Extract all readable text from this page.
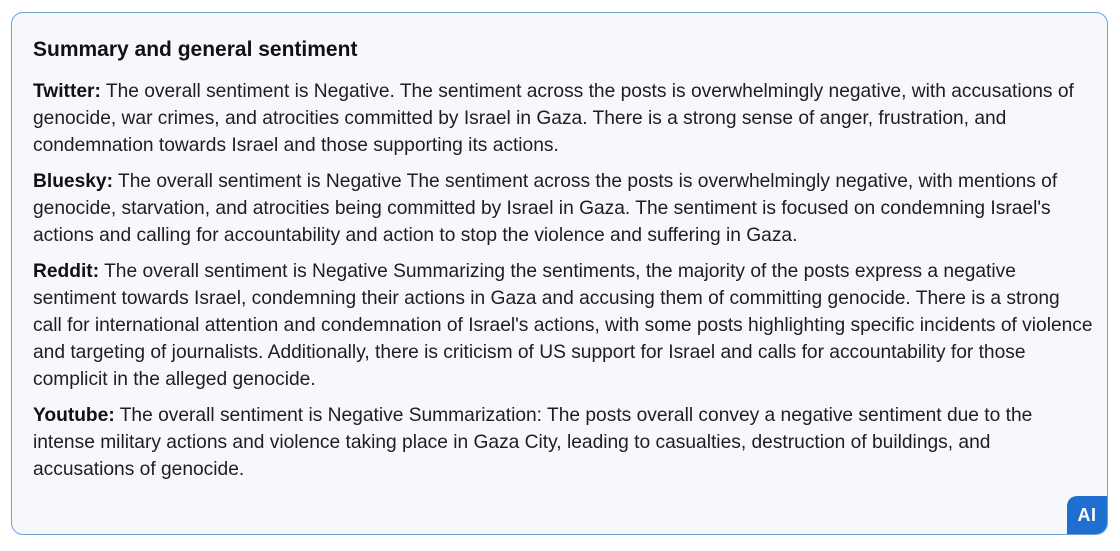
Summary and general sentiment

Twitter: The overall sentiment is Negative. The sentiment across the posts is overwhelmingly negative, with accusations of genocide, war crimes, and atrocities committed by Israel in Gaza. There is a strong sense of anger, frustration, and condemnation towards Israel and those supporting its actions.

Bluesky: The overall sentiment is Negative The sentiment across the posts is overwhelmingly negative, with mentions of genocide, starvation, and atrocities being committed by Israel in Gaza. The sentiment is focused on condemning Israel's actions and calling for accountability and action to stop the violence and suffering in Gaza.

Reddit: The overall sentiment is Negative Summarizing the sentiments, the majority of the posts express a negative sentiment towards Israel, condemning their actions in Gaza and accusing them of committing genocide. There is a strong call for international attention and condemnation of Israel's actions, with some posts highlighting specific incidents of violence and targeting of journalists. Additionally, there is criticism of US support for Israel and calls for accountability for those complicit in the alleged genocide.

Youtube: The overall sentiment is Negative Summarization: The posts overall convey a negative sentiment due to the intense military actions and violence taking place in Gaza City, leading to casualties, destruction of buildings, and accusations of genocide.

AI
